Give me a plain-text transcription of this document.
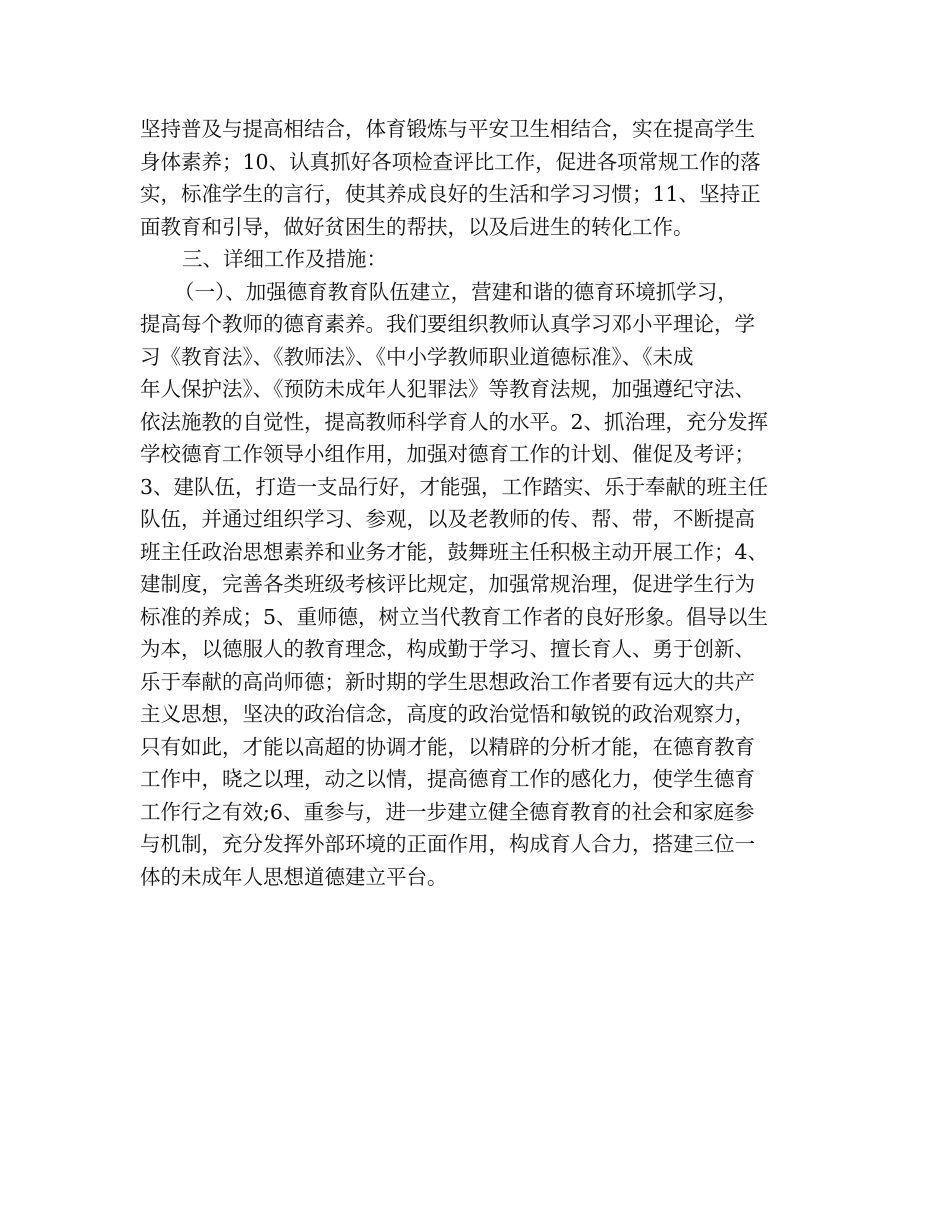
坚持普及与提高相结合，体育锻炼与平安卫生相结合，实在提高学生
身体素养；10、认真抓好各项检查评比工作，促进各项常规工作的落
实，标准学生的言行，使其养成良好的生活和学习习惯；11、坚持正
面教育和引导，做好贫困生的帮扶，以及后进生的转化工作。
三、详细工作及措施：
（一）、加强德育教育队伍建立，营建和谐的德育环境抓学习，
提高每个教师的德育素养。我们要组织教师认真学习邓小平理论，学
习《教育法》、《教师法》、《中小学教师职业道德标准》、《未成
年人保护法》、《预防未成年人犯罪法》等教育法规，加强遵纪守法、
依法施教的自觉性，提高教师科学育人的水平。2、抓治理，充分发挥
学校德育工作领导小组作用，加强对德育工作的计划、催促及考评；
3、建队伍，打造一支品行好，才能强，工作踏实、乐于奉献的班主任
队伍，并通过组织学习、参观，以及老教师的传、帮、带，不断提高
班主任政治思想素养和业务才能，鼓舞班主任积极主动开展工作；4、
建制度，完善各类班级考核评比规定，加强常规治理，促进学生行为
标准的养成；5、重师德，树立当代教育工作者的良好形象。倡导以生
为本，以德服人的教育理念，构成勤于学习、擅长育人、勇于创新、
乐于奉献的高尚师德；新时期的学生思想政治工作者要有远大的共产
主义思想，坚决的政治信念，高度的政治觉悟和敏锐的政治观察力，
只有如此，才能以高超的协调才能，以精辟的分析才能，在德育教育
工作中，晓之以理，动之以情，提高德育工作的感化力，使学生德育
工作行之有效;6、重参与，进一步建立健全德育教育的社会和家庭参
与机制，充分发挥外部环境的正面作用，构成育人合力，搭建三位一
体的未成年人思想道德建立平台。
